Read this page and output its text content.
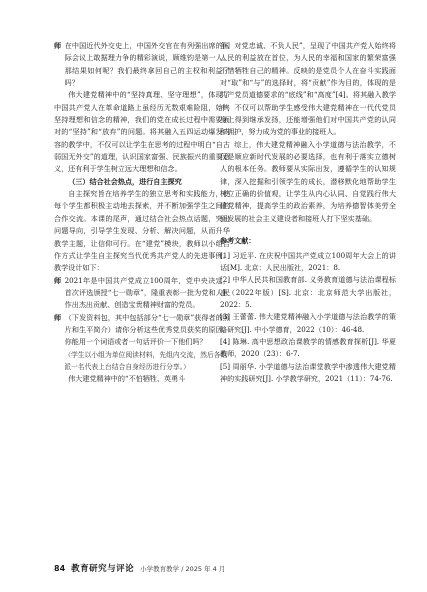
师 在中国近代外交史上，中国外交官在有列强出席的国际会议上敢据理力争的精彩演说，顾维钧是第一人。那结果如何呢？我们最终拿回自己的主权和利益了吗？

伟大建党精神中的“坚持真理、坚守理想”，体现了中国共产党人在革命道路上虽经历无数艰难险阻，始终坚持理想和信念的精神，我们的党在成长过程中需要面对的“坚持”和“放弃”的问题。将其融入五四运动爆发内容的教学中，不仅可以让学生在思考的过程中明白“自古弱国无外交”的道理，认识国家富强、民族振兴的重要意义，还有利于学生树立远大理想和信念。

（三）结合社会热点，进行自主探究

自主探究旨在培养学生的独立思考和实践能力，使每个学生都积极主动地去探索，并不断加强学生之间的合作交流。本课的尾声，通过结合社会热点话题，突出问题导向，引导学生发现、分析、解决问题，从而升华教学主题，让信仰可行。在“建党”模块，教师以小组合作方式让学生自主探究当代优秀共产党人的先进事例。教学设计如下：

师 2021年是中国共产党成立100周年，党中央决定，首次评选颁授“七一勋章”，隆重表彰一批为党和人民作出杰出贡献、创造宝贵精神财富的党员。

师 （下发资料包，其中包括部分“七一勋章”获得者的照片和生平简介）请你分析这些优秀党员获奖的原因。你能用一个词语或者一句话评价一下他们吗？

（学生以小组为单位阅读材料，先组内交流，然后各组派一名代表上台结合自身经历进行分享。）

伟大建党精神中的“不怕牺牲、英勇斗

争、对党忠诚、不负人民”，呈现了中国共产党人始终将人民的利益放在首位，为人民的幸福和国家的繁荣富强不惜牺牲自己的精神。反映的是党员个人在奋斗实践面对“取”和“与”的选择时，将“贡献”作为目的，体现的是共产党员道德要求的“底线”和“高度”[4]。将其融入教学中，不仅可以帮助学生感受伟大建党精神在一代代党员身上得到继承发扬，还能增强他们对中国共产党的认同和拥护，努力成为党的事业的接班人。

综上，伟大建党精神融入小学道德与法治教学，不仅是顺应新时代发展的必要选择，也有利于落实立德树人的根本任务。教师要从实际出发，遵循学生的认知规律，深入挖掘和引领学生的成长，潜移默化地帮助学生树立正确的价值观，让学生从内心认同、自觉践行伟大建党精神，提高学生的政治素养，为培养德智体美劳全面发展的社会主义建设者和接班人打下坚实基础。

参考文献：

[1] 习近平. 在庆祝中国共产党成立100周年大会上的讲话[M]. 北京：人民出版社，2021：8.

[2] 中华人民共和国教育部. 义务教育道德与法治课程标准（2022年版）[S]. 北京：北京师范大学出版社，2022：5.

[3] 王蕾蕾. 伟大建党精神融入小学道德与法治教学的策略研究[J]. 中小学德育，2022（10）：46-48.

[4] 陈琳. 高中思想政治课教学的情感教育探析[J]. 华夏教师，2020（23）：6-7.

[5] 周丽华. 小学道德与法治课堂教学中渗透伟大建党精神的实践研究[J]. 小学教学研究，2021（11）：74-76.

84 教育研究与评论 小学教育教学 / 2025 年 4 月
